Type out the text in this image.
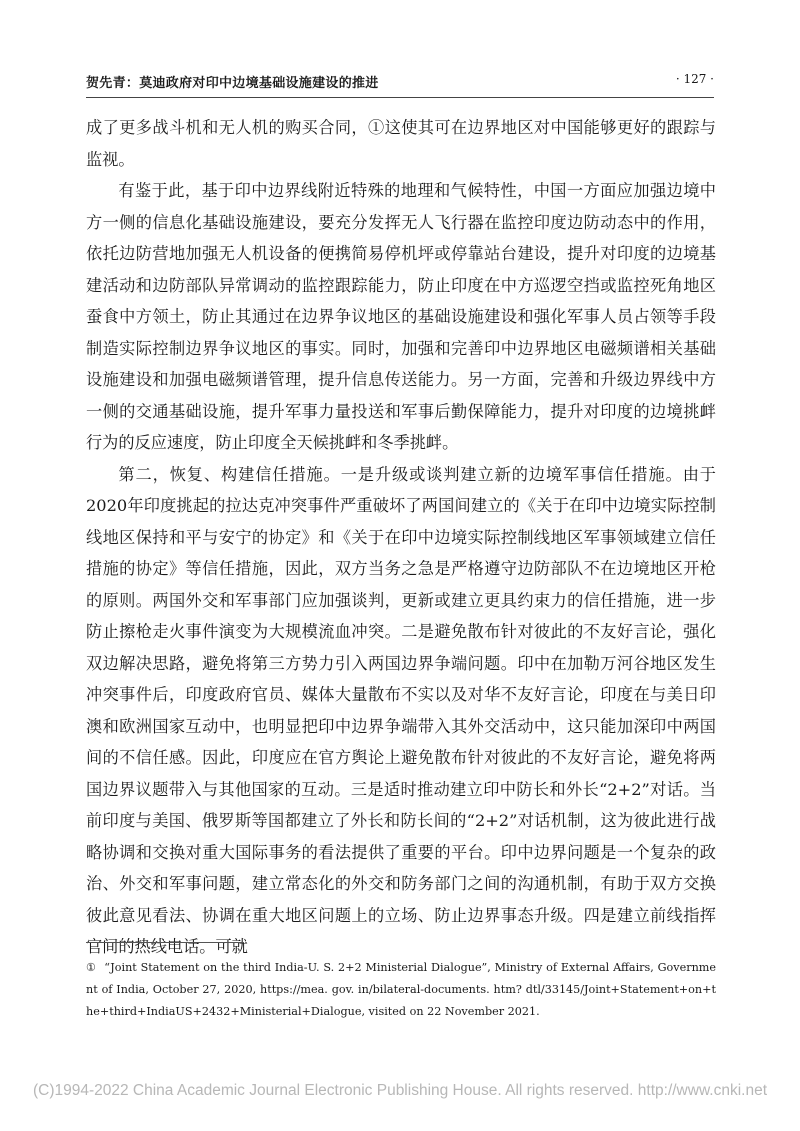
贺先青：莫迪政府对印中边境基础设施建设的推进	· 127 ·

成了更多战斗机和无人机的购买合同，①这使其可在边界地区对中国能够更好的跟踪与监视。

有鉴于此，基于印中边界线附近特殊的地理和气候特性，中国一方面应加强边境中方一侧的信息化基础设施建设，要充分发挥无人飞行器在监控印度边防动态中的作用，依托边防营地加强无人机设备的便携简易停机坪或停靠站台建设，提升对印度的边境基建活动和边防部队异常调动的监控跟踪能力，防止印度在中方巡逻空挡或监控死角地区蚕食中方领土，防止其通过在边界争议地区的基础设施建设和强化军事人员占领等手段制造实际控制边界争议地区的事实。同时，加强和完善印中边界地区电磁频谱相关基础设施建设和加强电磁频谱管理，提升信息传送能力。另一方面，完善和升级边界线中方一侧的交通基础设施，提升军事力量投送和军事后勤保障能力，提升对印度的边境挑衅行为的反应速度，防止印度全天候挑衅和冬季挑衅。

第二，恢复、构建信任措施。一是升级或谈判建立新的边境军事信任措施。由于2020年印度挑起的拉达克冲突事件严重破坏了两国间建立的《关于在印中边境实际控制线地区保持和平与安宁的协定》和《关于在印中边境实际控制线地区军事领域建立信任措施的协定》等信任措施，因此，双方当务之急是严格遵守边防部队不在边境地区开枪的原则。两国外交和军事部门应加强谈判，更新或建立更具约束力的信任措施，进一步防止擦枪走火事件演变为大规模流血冲突。二是避免散布针对彼此的不友好言论，强化双边解决思路，避免将第三方势力引入两国边界争端问题。印中在加勒万河谷地区发生冲突事件后，印度政府官员、媒体大量散布不实以及对华不友好言论，印度在与美日印澳和欧洲国家互动中，也明显把印中边界争端带入其外交活动中，这只能加深印中两国间的不信任感。因此，印度应在官方舆论上避免散布针对彼此的不友好言论，避免将两国边界议题带入与其他国家的互动。三是适时推动建立印中防长和外长“2+2”对话。当前印度与美国、俄罗斯等国都建立了外长和防长间的“2+2”对话机制，这为彼此进行战略协调和交换对重大国际事务的看法提供了重要的平台。印中边界问题是一个复杂的政治、外交和军事问题，建立常态化的外交和防务部门之间的沟通机制，有助于双方交换彼此意见看法、协调在重大地区问题上的立场、防止边界事态升级。四是建立前线指挥官间的热线电话。可就

① “Joint Statement on the third India-U. S. 2+2 Ministerial Dialogue”, Ministry of External Affairs, Government of India, October 27, 2020, https://mea. gov. in/bilateral-documents. htm? dtl/33145/Joint+Statement+on+the+third+IndiaUS+2432+Ministerial+Dialogue, visited on 22 November 2021.
(C)1994-2022 China Academic Journal Electronic Publishing House. All rights reserved. http://www.cnki.net
